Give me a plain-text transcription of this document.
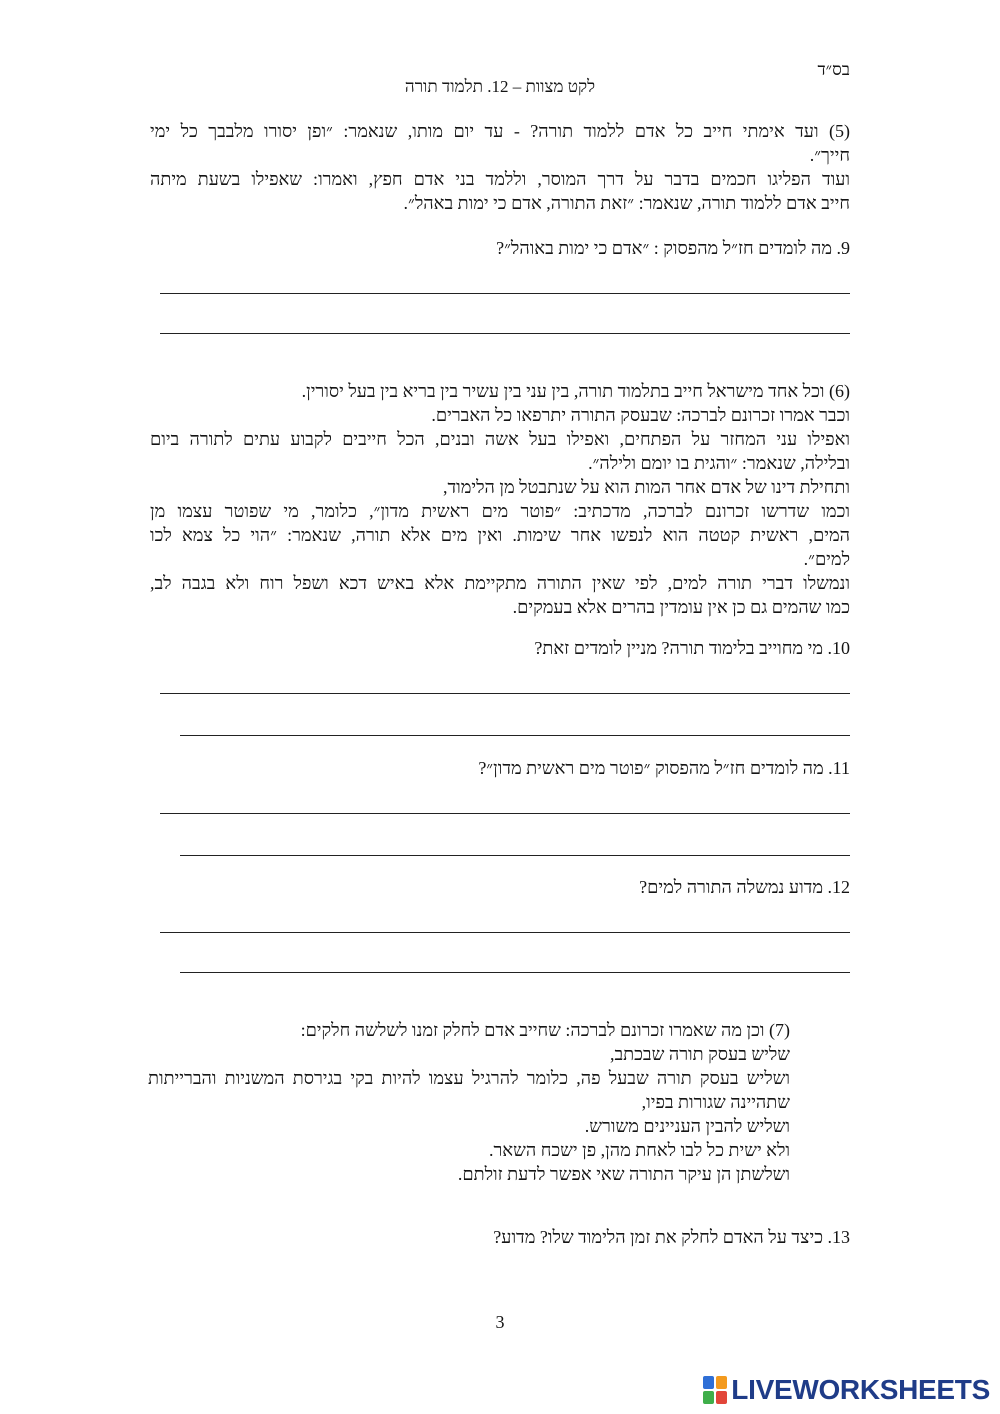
בס״ד
לקט מצוות – 12. תלמוד תורה
(5) ועד אימתי חייב כל אדם ללמוד תורה? - עד יום מותו, שנאמר: ״ופן יסורו מלבבך כל ימי
חייך״.
ועוד הפליגו חכמים בדבר על דרך המוסר, וללמד בני אדם חפץ, ואמרו: שאפילו בשעת מיתה
חייב אדם ללמוד תורה, שנאמר: ״זאת התורה, אדם כי ימות באהל״.
9. מה לומדים חז״ל מהפסוק : ״אדם כי ימות באוהל״?
(6) וכל אחד מישראל חייב בתלמוד תורה, בין עני בין עשיר בין בריא בין בעל יסורין.
וכבר אמרו זכרונם לברכה: שבעסק התורה יתרפאו כל האברים.
ואפילו עני המחזר על הפתחים, ואפילו בעל אשה ובנים, הכל חייבים לקבוע עתים לתורה ביום
ובלילה, שנאמר: ״והגית בו יומם ולילה״.
ותחילת דינו של אדם אחר המות הוא על שנתבטל מן הלימוד,
וכמו שדרשו זכרונם לברכה, מדכתיב: ״פוטר מים ראשית מדון״, כלומר, מי שפוטר עצמו מן
המים, ראשית קטטה הוא לנפשו אחר שימות. ואין מים אלא תורה, שנאמר: ״הוי כל צמא לכו
למים״.
ונמשלו דברי תורה למים, לפי שאין התורה מתקיימת אלא באיש דכא ושפל רוח ולא בגבה לב,
כמו שהמים גם כן אין עומדין בהרים אלא בעמקים.
10. מי מחוייב בלימוד תורה? מניין לומדים זאת?
11. מה לומדים חז״ל מהפסוק ״פוטר מים ראשית מדון״?
12. מדוע נמשלה התורה למים?
(7) וכן מה שאמרו זכרונם לברכה: שחייב אדם לחלק זמנו לשלשה חלקים:
שליש בעסק תורה שבכתב,
ושליש בעסק תורה שבעל פה, כלומר להרגיל עצמו להיות בקי בגירסת המשניות והברייתות
שתהיינה שגורות בפיו,
ושליש להבין העניינים משורש.
ולא ישית כל לבו לאחת מהן, פן ישכח השאר.
ושלשתן הן עיקר התורה שאי אפשר לדעת זולתם.
13. כיצד על האדם לחלק את זמן הלימוד שלו? מדוע?
3
LIVEWORKSHEETS
